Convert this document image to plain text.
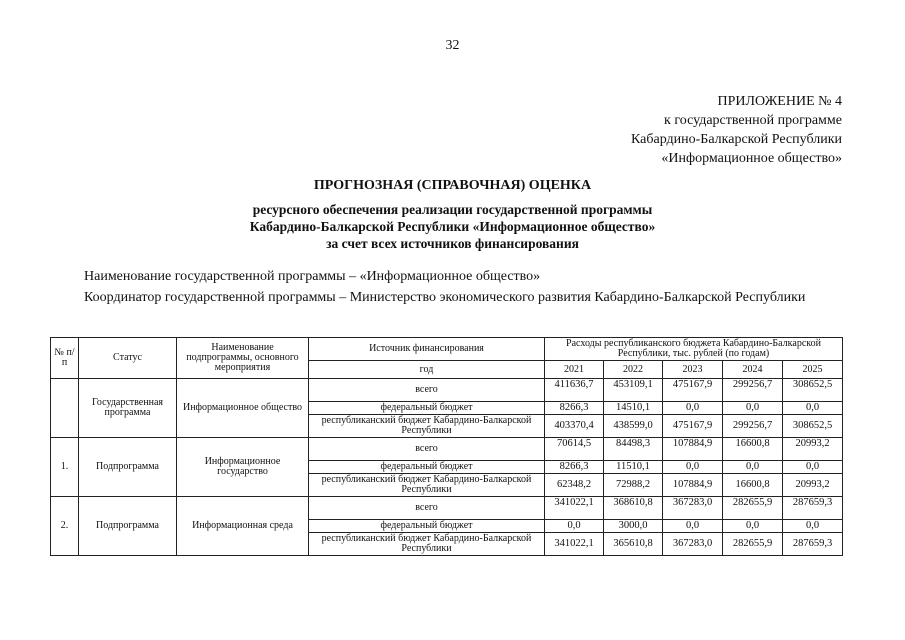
32
ПРИЛОЖЕНИЕ № 4
к государственной программе
Кабардино-Балкарской Республики
«Информационное общество»
ПРОГНОЗНАЯ (СПРАВОЧНАЯ) ОЦЕНКА
ресурсного обеспечения реализации государственной программы
Кабардино-Балкарской Республики «Информационное общество»
за счет всех источников финансирования
Наименование государственной программы – «Информационное общество»
Координатор государственной программы – Министерство экономического развития Кабардино-Балкарской Республики
№ п/п	Статус	Наименование подпрограммы, основного мероприятия	Источник финансирования	Расходы республиканского бюджета Кабардино-Балкарской Республики, тыс. рублей (по годам)				
			год	2021	2022	2023	2024	2025
	Государственная программа	Информационное общество	всего	411636,7	453109,1	475167,9	299256,7	308652,5
			федеральный бюджет	8266,3	14510,1	0,0	0,0	0,0
			республиканский бюджет Кабардино-Балкарской Республики	403370,4	438599,0	475167,9	299256,7	308652,5
1.	Подпрограмма	Информационное государство	всего	70614,5	84498,3	107884,9	16600,8	20993,2
			федеральный бюджет	8266,3	11510,1	0,0	0,0	0,0
			республиканский бюджет Кабардино-Балкарской Республики	62348,2	72988,2	107884,9	16600,8	20993,2
2.	Подпрограмма	Информационная среда	всего	341022,1	368610,8	367283,0	282655,9	287659,3
			федеральный бюджет	0,0	3000,0	0,0	0,0	0,0
			республиканский бюджет Кабардино-Балкарской Республики	341022,1	365610,8	367283,0	282655,9	287659,3
